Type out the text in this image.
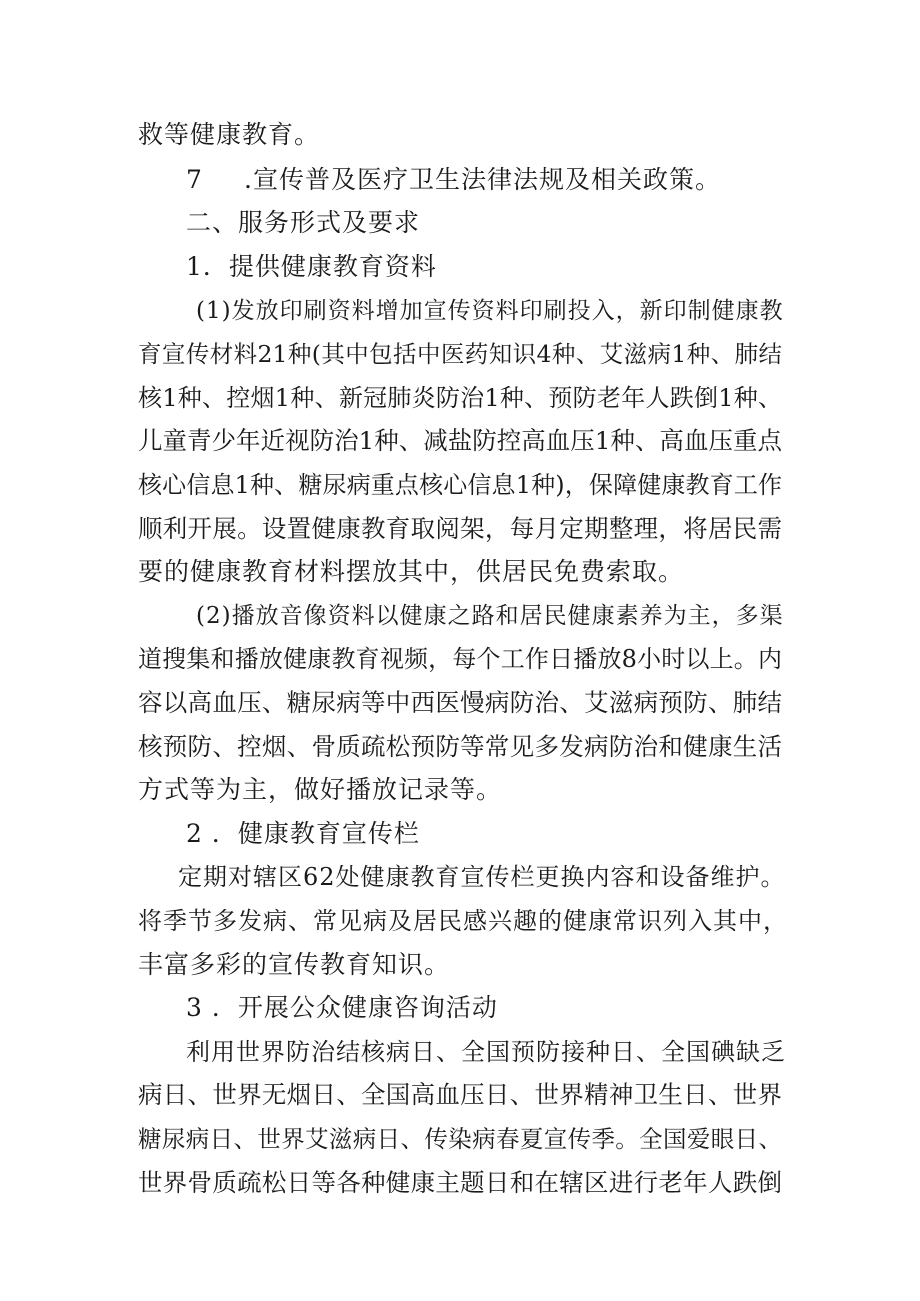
救等健康教育。
7 .宣传普及医疗卫生法律法规及相关政策。
二、服务形式及要求
1．提供健康教育资料
(1)发放印刷资料增加宣传资料印刷投入，新印制健康教
育宣传材料21种(其中包括中医药知识4种、艾滋病1种、肺结
核1种、控烟1种、新冠肺炎防治1种、预防老年人跌倒1种、
儿童青少年近视防治1种、减盐防控高血压1种、高血压重点
核心信息1种、糖尿病重点核心信息1种)，保障健康教育工作
顺利开展。设置健康教育取阅架，每月定期整理，将居民需
要的健康教育材料摆放其中，供居民免费索取。
(2)播放音像资料以健康之路和居民健康素养为主，多渠
道搜集和播放健康教育视频，每个工作日播放8小时以上。内
容以高血压、糖尿病等中西医慢病防治、艾滋病预防、肺结
核预防、控烟、骨质疏松预防等常见多发病防治和健康生活
方式等为主，做好播放记录等。
2 ．健康教育宣传栏
定期对辖区62处健康教育宣传栏更换内容和设备维护。
将季节多发病、常见病及居民感兴趣的健康常识列入其中，
丰富多彩的宣传教育知识。
3 ．开展公众健康咨询活动
利用世界防治结核病日、全国预防接种日、全国碘缺乏
病日、世界无烟日、全国高血压日、世界精神卫生日、世界
糖尿病日、世界艾滋病日、传染病春夏宣传季。全国爱眼日、
世界骨质疏松日等各种健康主题日和在辖区进行老年人跌倒
